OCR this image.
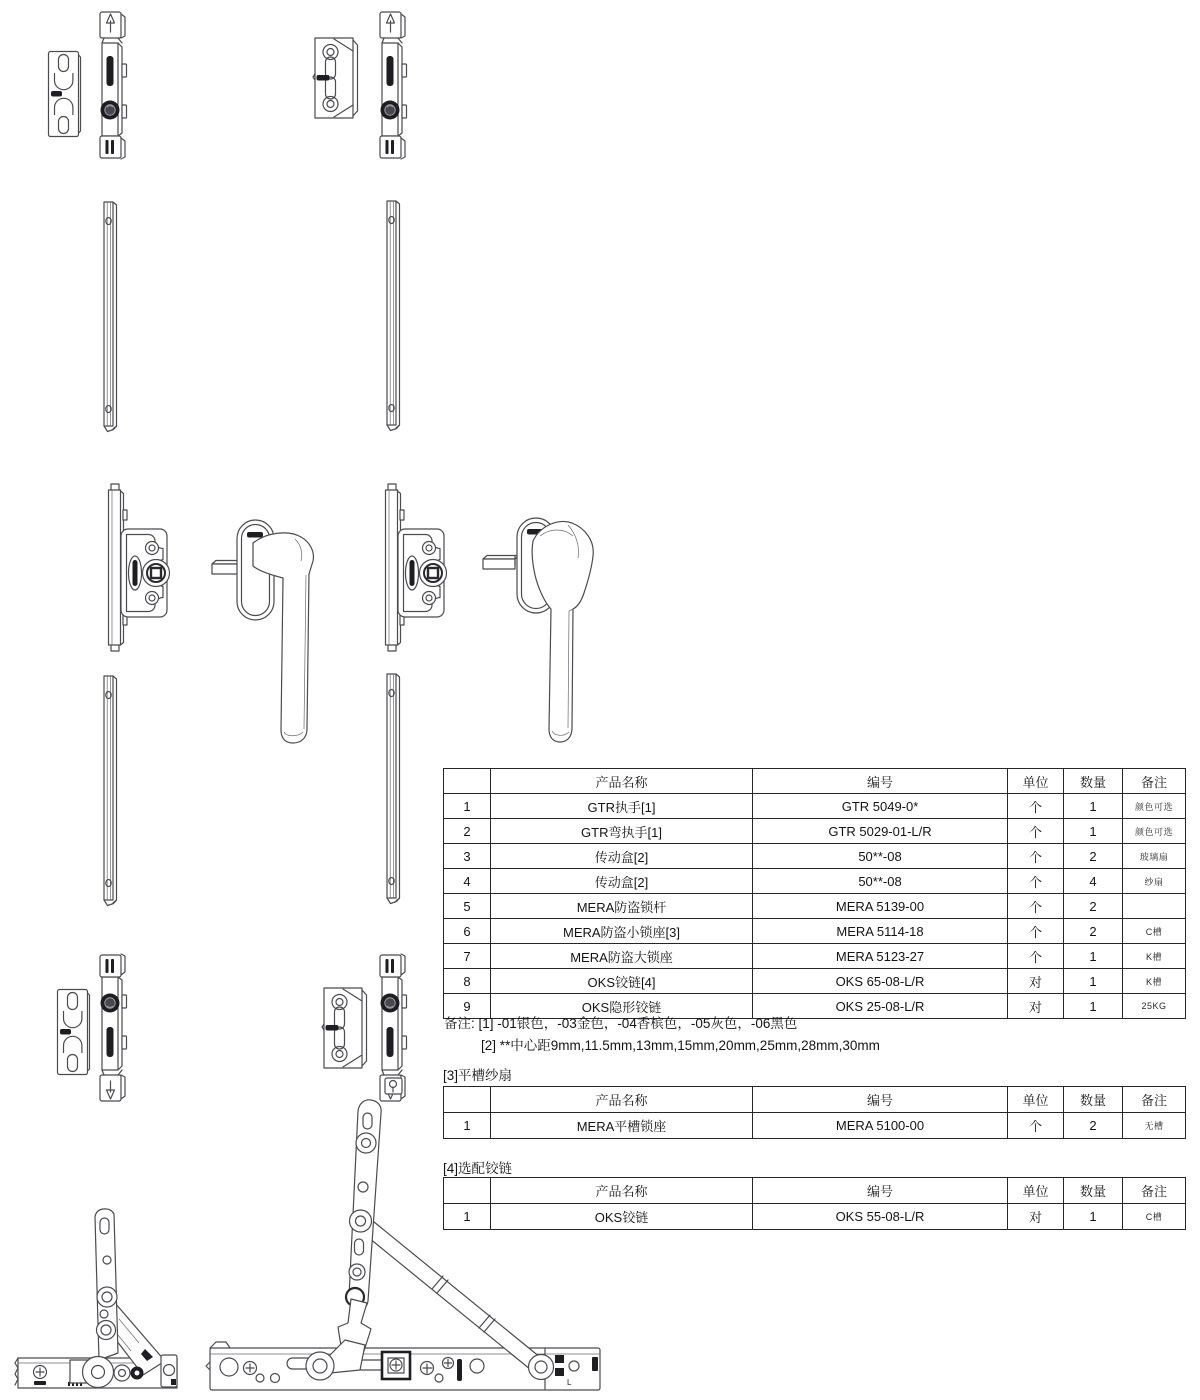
L
	产品名称	编号	单位	数量	备注
1	GTR执手[1]	GTR 5049-0*	个	1	颜色可选
2	GTR弯执手[1]	GTR 5029-01-L/R	个	1	颜色可选
3	传动盒[2]	50**-08	个	2	玻璃扇
4	传动盒[2]	50**-08	个	4	纱扇
5	MERA防盗锁杆	MERA 5139-00	个	2	
6	MERA防盗小锁座[3]	MERA 5114-18	个	2	C槽
7	MERA防盗大锁座	MERA 5123-27	个	1	K槽
8	OKS铰链[4]	OKS 65-08-L/R	对	1	K槽
9	OKS隐形铰链	OKS 25-08-L/R	对	1	25KG
备注: [1] -01银色，-03金色，-04香槟色，-05灰色，-06黑色
[2] **中心距9mm,11.5mm,13mm,15mm,20mm,25mm,28mm,30mm
[3]平槽纱扇
	产品名称	编号	单位	数量	备注
1	MERA平槽锁座	MERA 5100-00	个	2	无槽
[4]选配铰链
	产品名称	编号	单位	数量	备注
1	OKS铰链	OKS 55-08-L/R	对	1	C槽
